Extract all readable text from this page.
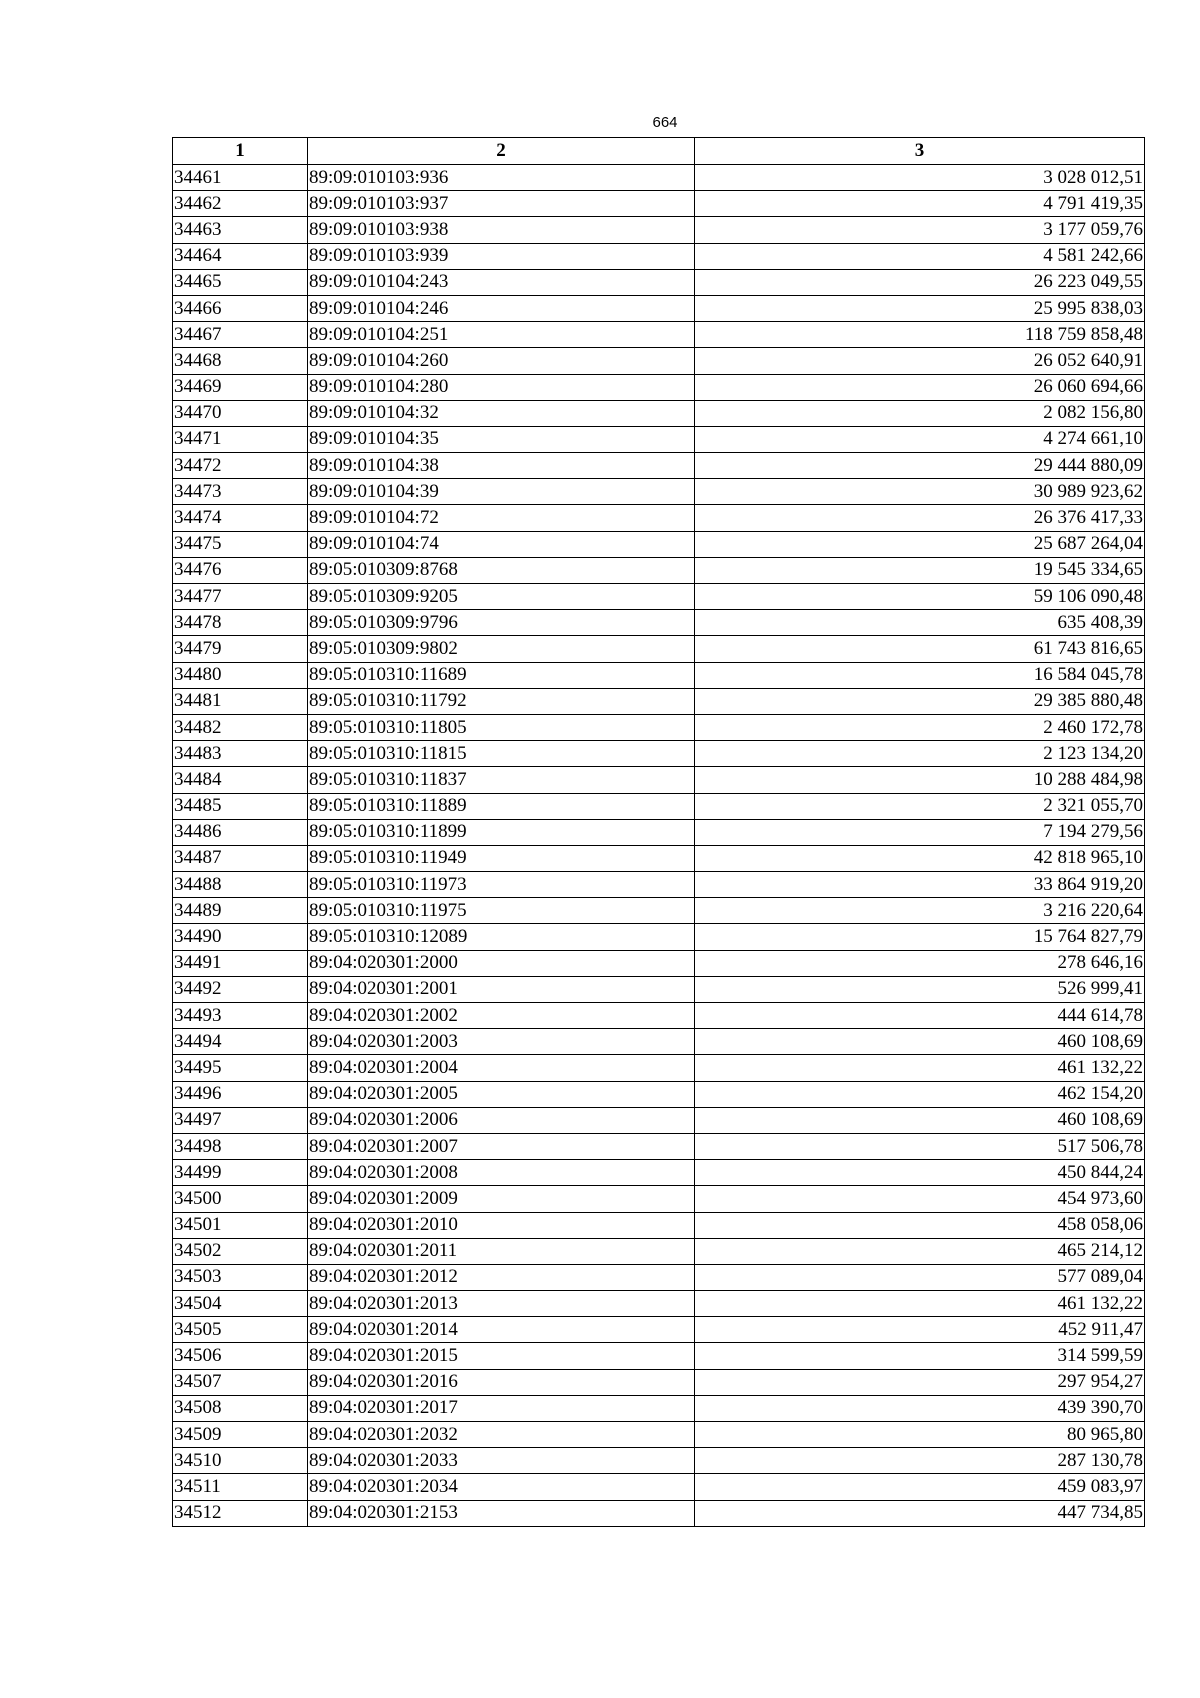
664
1	2	3
34461	89:09:010103:936	3 028 012,51
34462	89:09:010103:937	4 791 419,35
34463	89:09:010103:938	3 177 059,76
34464	89:09:010103:939	4 581 242,66
34465	89:09:010104:243	26 223 049,55
34466	89:09:010104:246	25 995 838,03
34467	89:09:010104:251	118 759 858,48
34468	89:09:010104:260	26 052 640,91
34469	89:09:010104:280	26 060 694,66
34470	89:09:010104:32	2 082 156,80
34471	89:09:010104:35	4 274 661,10
34472	89:09:010104:38	29 444 880,09
34473	89:09:010104:39	30 989 923,62
34474	89:09:010104:72	26 376 417,33
34475	89:09:010104:74	25 687 264,04
34476	89:05:010309:8768	19 545 334,65
34477	89:05:010309:9205	59 106 090,48
34478	89:05:010309:9796	635 408,39
34479	89:05:010309:9802	61 743 816,65
34480	89:05:010310:11689	16 584 045,78
34481	89:05:010310:11792	29 385 880,48
34482	89:05:010310:11805	2 460 172,78
34483	89:05:010310:11815	2 123 134,20
34484	89:05:010310:11837	10 288 484,98
34485	89:05:010310:11889	2 321 055,70
34486	89:05:010310:11899	7 194 279,56
34487	89:05:010310:11949	42 818 965,10
34488	89:05:010310:11973	33 864 919,20
34489	89:05:010310:11975	3 216 220,64
34490	89:05:010310:12089	15 764 827,79
34491	89:04:020301:2000	278 646,16
34492	89:04:020301:2001	526 999,41
34493	89:04:020301:2002	444 614,78
34494	89:04:020301:2003	460 108,69
34495	89:04:020301:2004	461 132,22
34496	89:04:020301:2005	462 154,20
34497	89:04:020301:2006	460 108,69
34498	89:04:020301:2007	517 506,78
34499	89:04:020301:2008	450 844,24
34500	89:04:020301:2009	454 973,60
34501	89:04:020301:2010	458 058,06
34502	89:04:020301:2011	465 214,12
34503	89:04:020301:2012	577 089,04
34504	89:04:020301:2013	461 132,22
34505	89:04:020301:2014	452 911,47
34506	89:04:020301:2015	314 599,59
34507	89:04:020301:2016	297 954,27
34508	89:04:020301:2017	439 390,70
34509	89:04:020301:2032	80 965,80
34510	89:04:020301:2033	287 130,78
34511	89:04:020301:2034	459 083,97
34512	89:04:020301:2153	447 734,85
